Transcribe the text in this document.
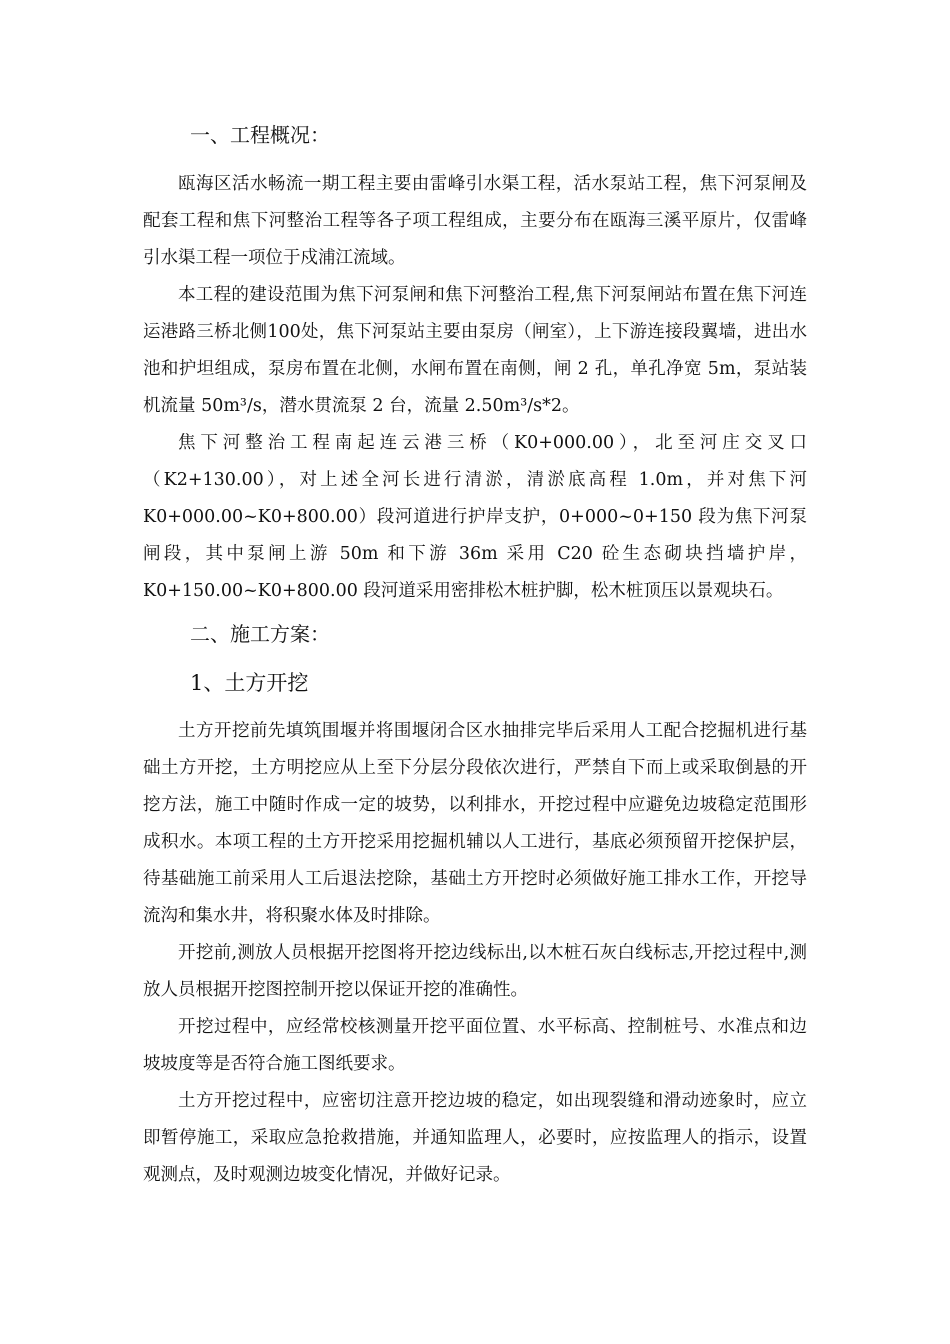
一、工程概况：

瓯海区活水畅流一期工程主要由雷峰引水渠工程，活水泵站工程，焦下河泵闸及配套工程和焦下河整治工程等各子项工程组成，主要分布在瓯海三溪平原片，仅雷峰引水渠工程一项位于戍浦江流域。

本工程的建设范围为焦下河泵闸和焦下河整治工程,焦下河泵闸站布置在焦下河连运港路三桥北侧100处，焦下河泵站主要由泵房（闸室），上下游连接段翼墙，进出水池和护坦组成，泵房布置在北侧，水闸布置在南侧，闸 2 孔，单孔净宽 5m，泵站装机流量 50m³/s，潜水贯流泵 2 台，流量 2.50m³/s*2。

焦下河整治工程南起连云港三桥（K0+000.00），北至河庄交叉口（K2+130.00），对上述全河长进行清淤，清淤底高程 1.0m，并对焦下河K0+000.00~K0+800.00）段河道进行护岸支护，0+000~0+150 段为焦下河泵闸段，其中泵闸上游 50m 和下游 36m 采用 C20 砼生态砌块挡墙护岸，K0+150.00~K0+800.00 段河道采用密排松木桩护脚，松木桩顶压以景观块石。

二、施工方案：
1、土方开挖

土方开挖前先填筑围堰并将围堰闭合区水抽排完毕后采用人工配合挖掘机进行基础土方开挖，土方明挖应从上至下分层分段依次进行，严禁自下而上或采取倒悬的开挖方法，施工中随时作成一定的坡势，以利排水，开挖过程中应避免边坡稳定范围形成积水。本项工程的土方开挖采用挖掘机辅以人工进行，基底必须预留开挖保护层，待基础施工前采用人工后退法挖除，基础土方开挖时必须做好施工排水工作，开挖导流沟和集水井，将积聚水体及时排除。

开挖前,测放人员根据开挖图将开挖边线标出,以木桩石灰白线标志,开挖过程中,测放人员根据开挖图控制开挖以保证开挖的准确性。

开挖过程中，应经常校核测量开挖平面位置、水平标高、控制桩号、水准点和边坡坡度等是否符合施工图纸要求。

土方开挖过程中，应密切注意开挖边坡的稳定，如出现裂缝和滑动迹象时，应立即暂停施工，采取应急抢救措施，并通知监理人，必要时，应按监理人的指示，设置观测点，及时观测边坡变化情况，并做好记录。
